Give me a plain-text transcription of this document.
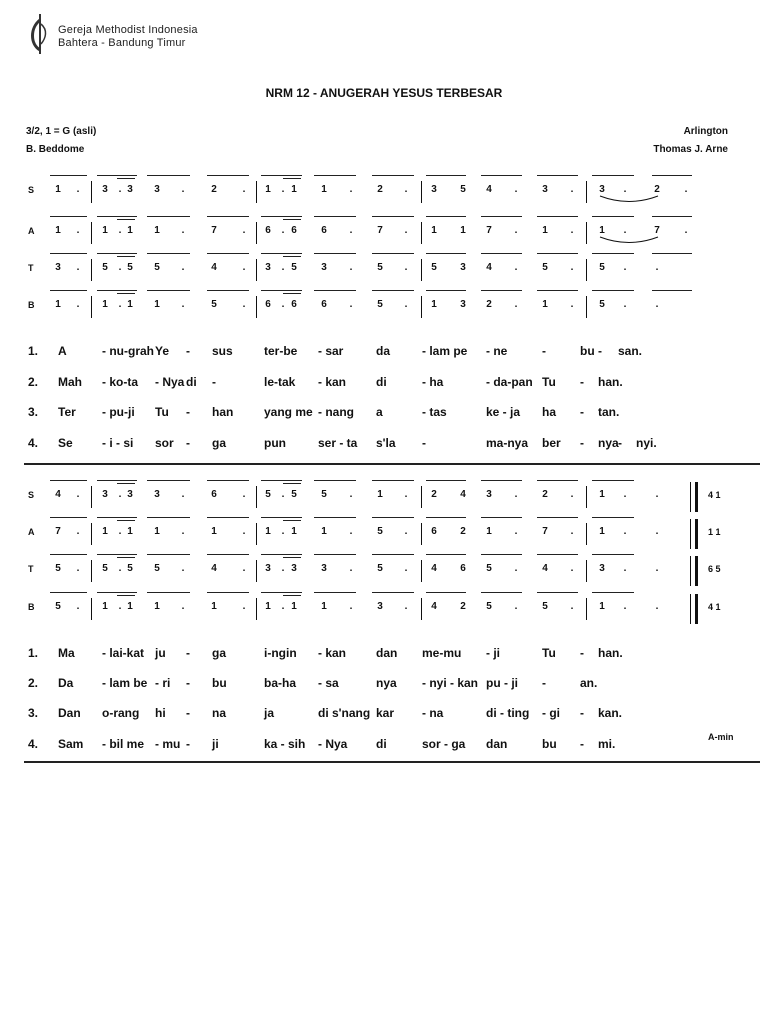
Gereja Methodist Indonesia
Bahtera - Bandung Timur
NRM 12 - ANUGERAH YESUS TERBESAR
3/2, 1 = G (asli)
B. Beddome
Arlington
Thomas J. Arne
S	1	.	3	. 3	3	.	2	.	1	. 1	1	.	2	.	3	5	4	.	3	.	3	.	2	.
A	1	.	1	. 1	1	.	7	.	6	. 6	6	.	7	.	1	1	7	.	1	.	1	.	7	.
T	3	.	5	. 5	5	.	4	.	3	. 5	3	.	5	.	5	3	4	.	5	.	5	.	.
B	1	.	1	. 1	1	.	5	.	6	. 6	6	.	5	.	1	3	2	.	1	.	5	.	.
1. A	- nu-grah Ye - sus	ter-be - sar	da	- lam pe - ne	-	bu - san.
2. Mah - ko-ta - Nya di -	le-tak - kan di	- ha	- da-pan Tu - han.
3. Ter - pu-ji Tu - han	yang me - nang a	- tas	ke - ja ha - tan.
4. Se - i - si sor - ga	pun	ser - ta s'la -	ma-nya ber - nya - nyi.
S	4	.	3	. 3	3	.	6	.	5	. 5	5	.	1	.	2	4	3	.	2	.	1	.	.	4 1
A	7	.	1	. 1	1	.	1	.	1	. 1	1	.	5	.	6	2	1	.	7	.	1	.	.	1 1
T	5	.	5	. 5	5	.	4	.	3	. 3	3	.	5	.	4	6	5	.	4	.	3	.	.	6 5
B	5	.	1	. 1	1	.	1	.	1	. 1	1	.	3	.	4	2	5	.	5	.	1	.	.	4 1
1. Ma - lai-kat ju - ga	i-ngin - kan dan me-mu - ji	Tu - han.
2. Da - lam be - ri - bu	ba-ha - sa	nya - nyi - kan pu - ji -	an.
3. Dan o-rang hi - na	ja	di s'nang kar - na	di - ting - gi - kan.
4. Sam - bil me - mu - ji	ka - sih - Nya di	sor - ga dan	bu - mi.	A-min
